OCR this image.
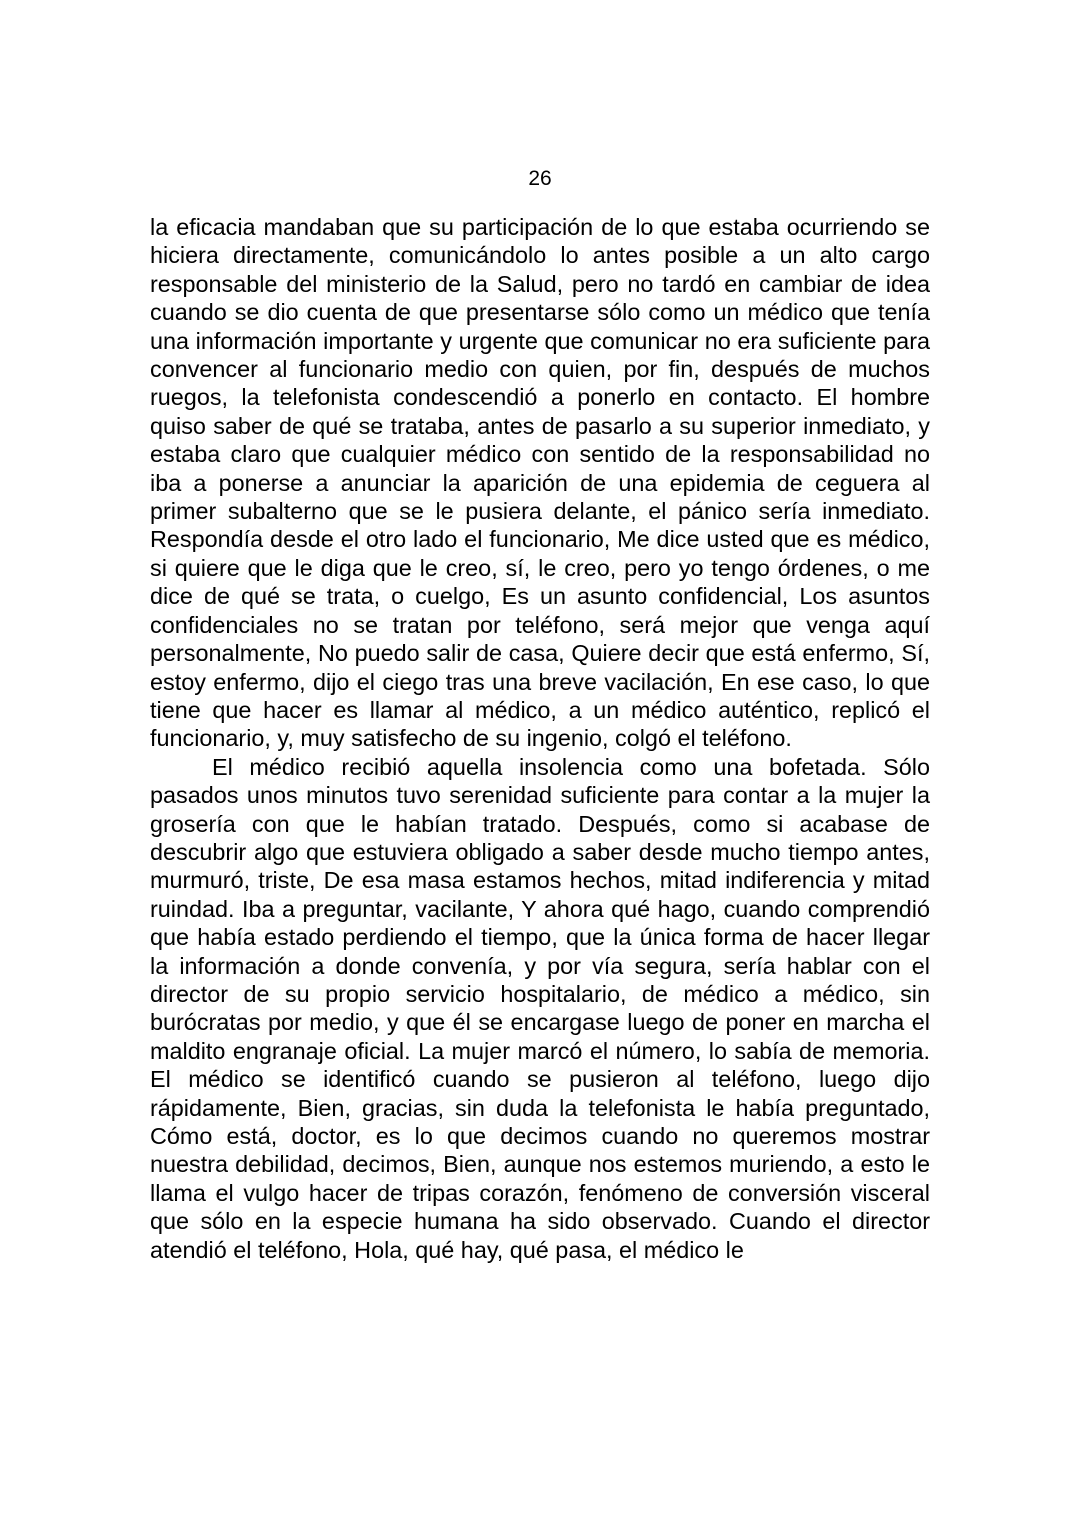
26

la eficacia mandaban que su participación de lo que estaba ocurriendo se hiciera directamente, comunicándolo lo antes posible a un alto cargo responsable del ministerio de la Salud, pero no tardó en cambiar de idea cuando se dio cuenta de que presentarse sólo como un médico que tenía una información importante y urgente que comunicar no era suficiente para convencer al funcionario medio con quien, por fin, después de muchos ruegos, la telefonista condescendió a ponerlo en contacto. El hombre quiso saber de qué se trataba, antes de pasarlo a su superior inmediato, y estaba claro que cualquier médico con sentido de la responsabilidad no iba a ponerse a anunciar la aparición de una epidemia de ceguera al primer subalterno que se le pusiera delante, el pánico sería inmediato. Respondía desde el otro lado el funcionario, Me dice usted que es médico, si quiere que le diga que le creo, sí, le creo, pero yo tengo órdenes, o me dice de qué se trata, o cuelgo, Es un asunto confidencial, Los asuntos confidenciales no se tratan por teléfono, será mejor que venga aquí personalmente, No puedo salir de casa, Quiere decir que está enfermo, Sí, estoy enfermo, dijo el ciego tras una breve vacilación, En ese caso, lo que tiene que hacer es llamar al médico, a un médico auténtico, replicó el funcionario, y, muy satisfecho de su ingenio, colgó el teléfono.

El médico recibió aquella insolencia como una bofetada. Sólo pasados unos minutos tuvo serenidad suficiente para contar a la mujer la grosería con que le habían tratado. Después, como si acabase de descubrir algo que estuviera obligado a saber desde mucho tiempo antes, murmuró, triste, De esa masa estamos hechos, mitad indiferencia y mitad ruindad. Iba a preguntar, vacilante, Y ahora qué hago, cuando comprendió que había estado perdiendo el tiempo, que la única forma de hacer llegar la información a donde convenía, y por vía segura, sería hablar con el director de su propio servicio hospitalario, de médico a médico, sin burócratas por medio, y que él se encargase luego de poner en marcha el maldito engranaje oficial. La mujer marcó el número, lo sabía de memoria. El médico se identificó cuando se pusieron al teléfono, luego dijo rápidamente, Bien, gracias, sin duda la telefonista le había preguntado, Cómo está, doctor, es lo que decimos cuando no queremos mostrar nuestra debilidad, decimos, Bien, aunque nos estemos muriendo, a esto le llama el vulgo hacer de tripas corazón, fenómeno de conversión visceral que sólo en la especie humana ha sido observado. Cuando el director atendió el teléfono, Hola, qué hay, qué pasa, el médico le
